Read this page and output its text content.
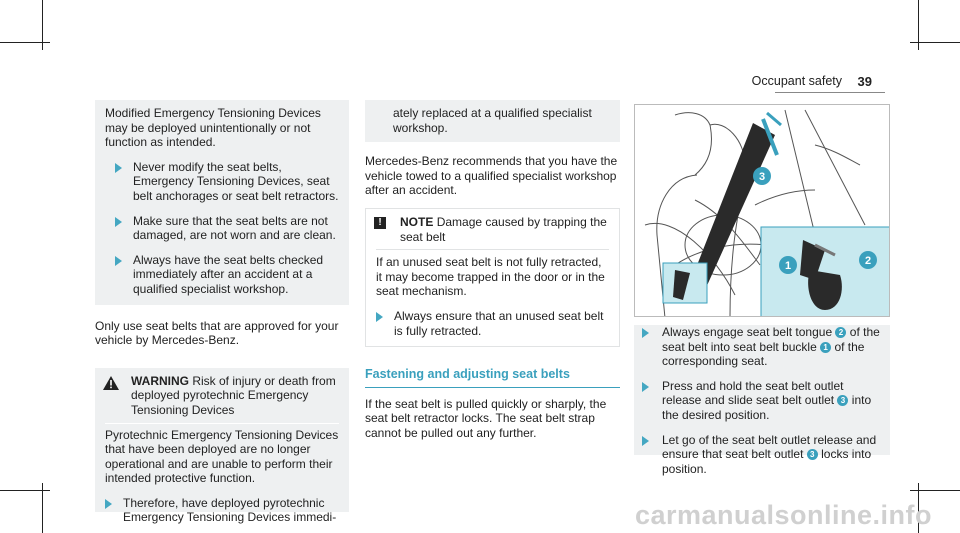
Occupant safety 39

Modified Emergency Tensioning Devices may be deployed unintentionally or not function as intended.

Never modify the seat belts, Emergency Tensioning Devices, seat belt anchorages or seat belt retractors.
Make sure that the seat belts are not damaged, are not worn and are clean.
Always have the seat belts checked immediately after an accident at a qualified specialist workshop.

Only use seat belts that are approved for your vehicle by Mercedes-Benz.

WARNING Risk of injury or death from deployed pyrotechnic Emergency Tensioning Devices

Pyrotechnic Emergency Tensioning Devices that have been deployed are no longer operational and are unable to perform their intended protective function.

Therefore, have deployed pyrotechnic Emergency Tensioning Devices immedi-

ately replaced at a qualified specialist workshop.

Mercedes-Benz recommends that you have the vehicle towed to a qualified specialist workshop after an accident.

!	NOTE Damage caused by trapping the seat belt

If an unused seat belt is not fully retracted, it may become trapped in the door or in the seat mechanism.

Always ensure that an unused seat belt is fully retracted.
Fastening and adjusting seat belts

If the seat belt is pulled quickly or sharply, the seat belt retractor locks. The seat belt strap cannot be pulled out any further.

1	2
3
Always engage seat belt tongue 2 of the seat belt into seat belt buckle 1 of the corresponding seat.
Press and hold the seat belt outlet release and slide seat belt outlet 3 into the desired position.
Let go of the seat belt outlet release and ensure that seat belt outlet 3 locks into position.
carmanualsonline.info
